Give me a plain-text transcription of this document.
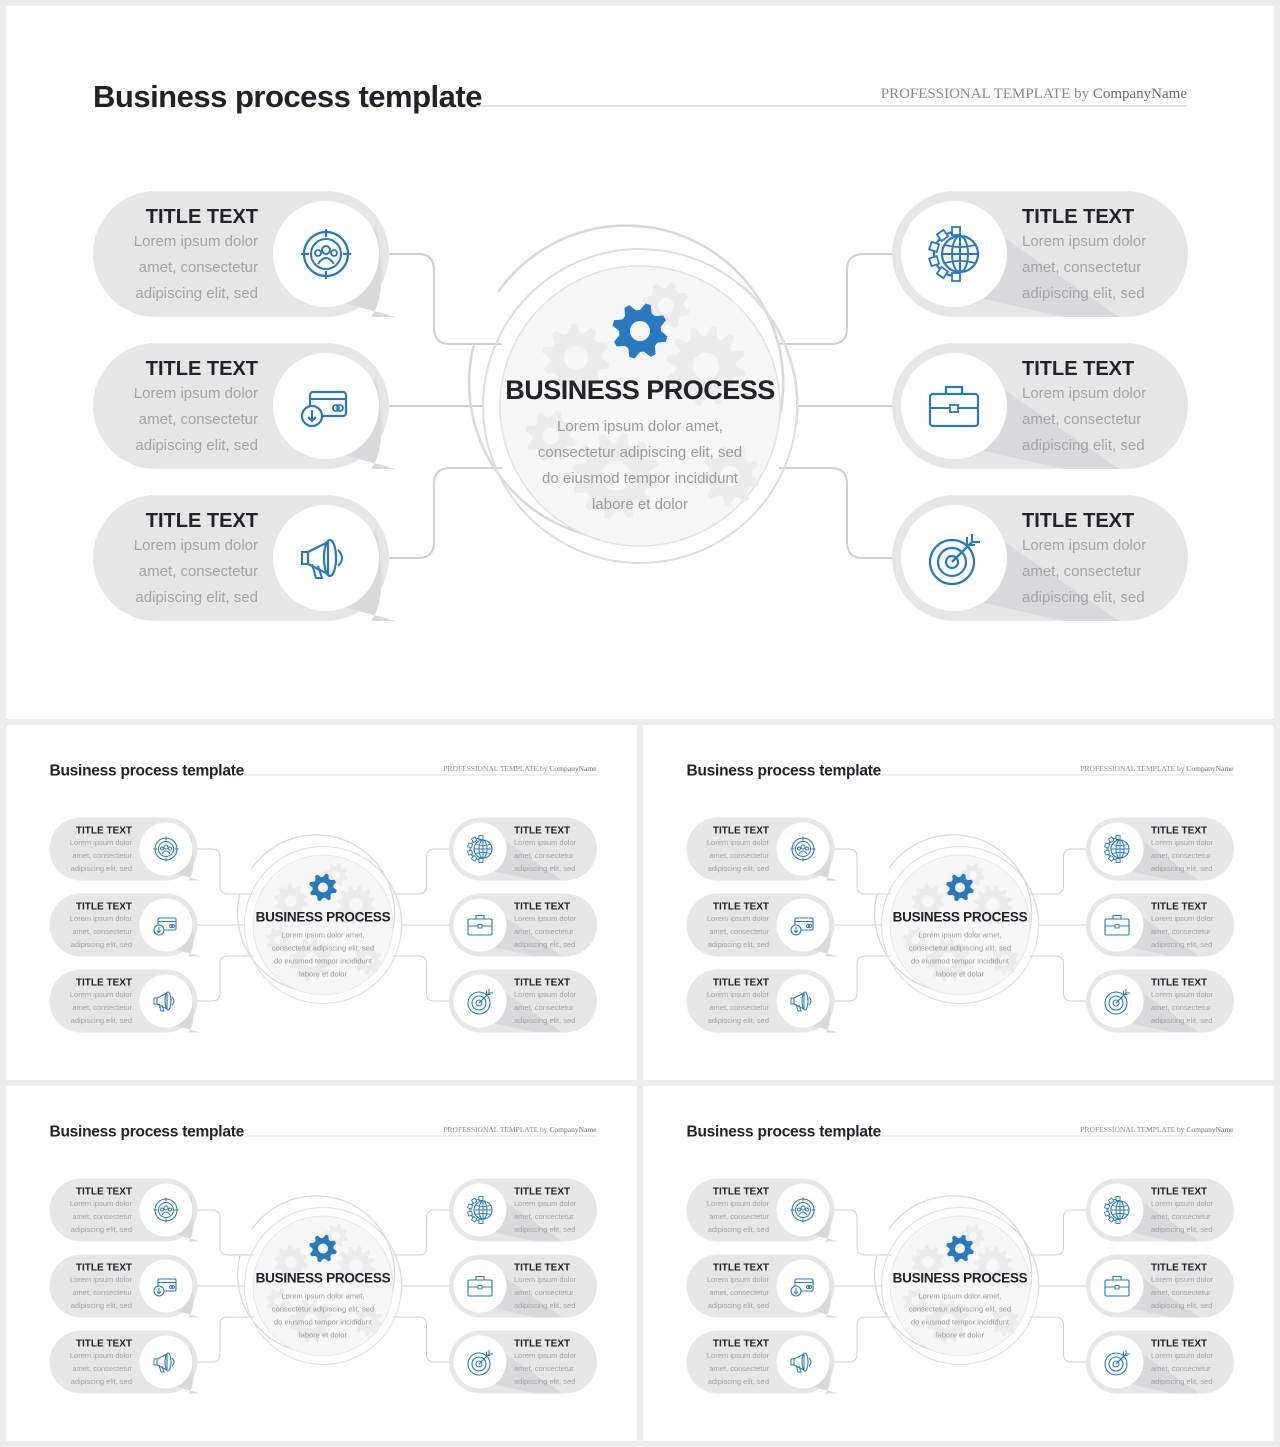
Business process template	PROFESSIONAL TEMPLATE by CompanyName
BUSINESS PROCESS
Lorem ipsum dolor amet,
consectetur adipiscing elit, sed
do eiusmod tempor incididunt
labore et dolor
TITLE TEXT
Lorem ipsum dolor
amet, consectetur
adipiscing elit, sed
TITLE TEXT
Lorem ipsum dolor
amet, consectetur
adipiscing elit, sed
TITLE TEXT
Lorem ipsum dolor
amet, consectetur
adipiscing elit, sed
TITLE TEXT
Lorem ipsum dolor
amet, consectetur
adipiscing elit, sed
TITLE TEXT
Lorem ipsum dolor
amet, consectetur
adipiscing elit, sed
TITLE TEXT
Lorem ipsum dolor
amet, consectetur
adipiscing elit, sed
Business process template	PROFESSIONAL TEMPLATE by CompanyName
BUSINESS PROCESS
Lorem ipsum dolor amet,
consectetur adipiscing elit, sed
do eiusmod tempor incididunt
labore et dolor
TITLE TEXT
Lorem ipsum dolor
amet, consectetur
adipiscing elit, sed
TITLE TEXT
Lorem ipsum dolor
amet, consectetur
adipiscing elit, sed
TITLE TEXT
Lorem ipsum dolor
amet, consectetur
adipiscing elit, sed
TITLE TEXT
Lorem ipsum dolor
amet, consectetur
adipiscing elit, sed
TITLE TEXT
Lorem ipsum dolor
amet, consectetur
adipiscing elit, sed
TITLE TEXT
Lorem ipsum dolor
amet, consectetur
adipiscing elit, sed
Business process template	PROFESSIONAL TEMPLATE by CompanyName
BUSINESS PROCESS
Lorem ipsum dolor amet,
consectetur adipiscing elit, sed
do eiusmod tempor incididunt
labore et dolor
TITLE TEXT
Lorem ipsum dolor
amet, consectetur
adipiscing elit, sed
TITLE TEXT
Lorem ipsum dolor
amet, consectetur
adipiscing elit, sed
TITLE TEXT
Lorem ipsum dolor
amet, consectetur
adipiscing elit, sed
TITLE TEXT
Lorem ipsum dolor
amet, consectetur
adipiscing elit, sed
TITLE TEXT
Lorem ipsum dolor
amet, consectetur
adipiscing elit, sed
TITLE TEXT
Lorem ipsum dolor
amet, consectetur
adipiscing elit, sed
Business process template	PROFESSIONAL TEMPLATE by CompanyName
BUSINESS PROCESS
Lorem ipsum dolor amet,
consectetur adipiscing elit, sed
do eiusmod tempor incididunt
labore et dolor
TITLE TEXT
Lorem ipsum dolor
amet, consectetur
adipiscing elit, sed
TITLE TEXT
Lorem ipsum dolor
amet, consectetur
adipiscing elit, sed
TITLE TEXT
Lorem ipsum dolor
amet, consectetur
adipiscing elit, sed
TITLE TEXT
Lorem ipsum dolor
amet, consectetur
adipiscing elit, sed
TITLE TEXT
Lorem ipsum dolor
amet, consectetur
adipiscing elit, sed
TITLE TEXT
Lorem ipsum dolor
amet, consectetur
adipiscing elit, sed
Business process template	PROFESSIONAL TEMPLATE by CompanyName
BUSINESS PROCESS
Lorem ipsum dolor amet,
consectetur adipiscing elit, sed
do eiusmod tempor incididunt
labore et dolor
TITLE TEXT
Lorem ipsum dolor
amet, consectetur
adipiscing elit, sed
TITLE TEXT
Lorem ipsum dolor
amet, consectetur
adipiscing elit, sed
TITLE TEXT
Lorem ipsum dolor
amet, consectetur
adipiscing elit, sed
TITLE TEXT
Lorem ipsum dolor
amet, consectetur
adipiscing elit, sed
TITLE TEXT
Lorem ipsum dolor
amet, consectetur
adipiscing elit, sed
TITLE TEXT
Lorem ipsum dolor
amet, consectetur
adipiscing elit, sed
